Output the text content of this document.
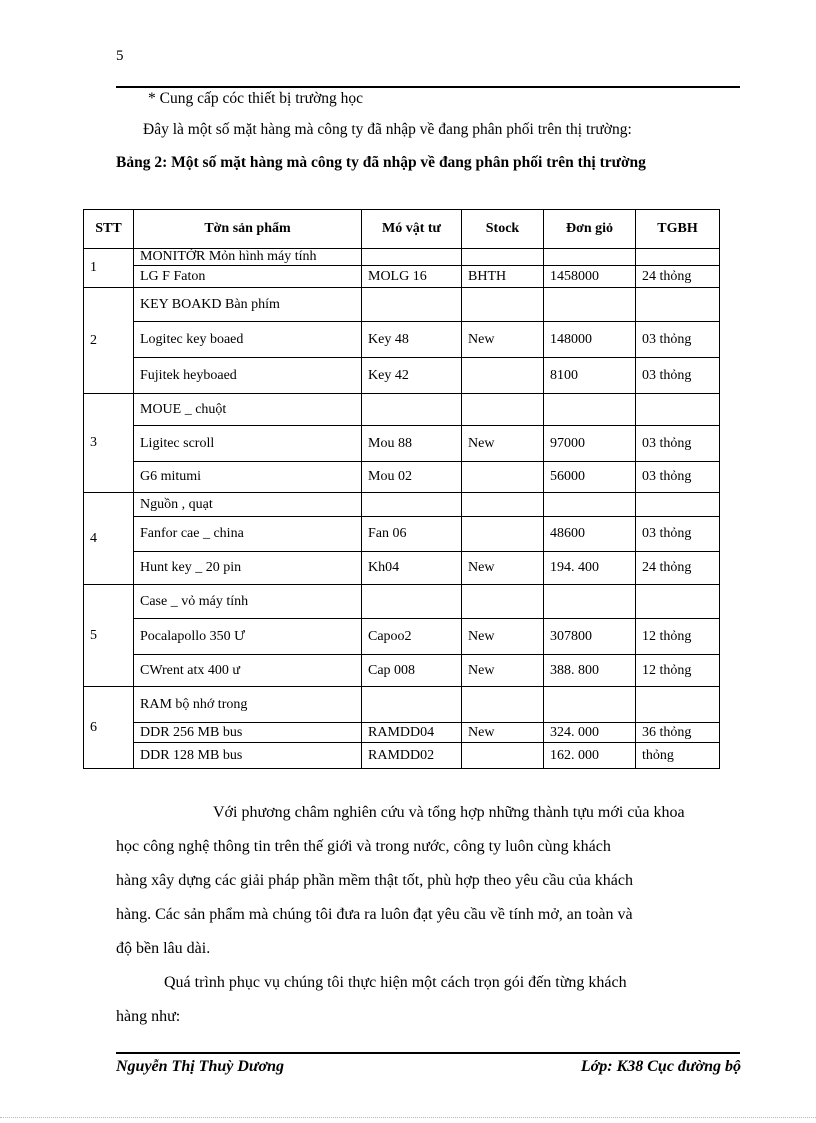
5
* Cung cấp cóc thiết bị trường học
Đây là một số mặt hàng mà công ty đã nhập về đang phân phối trên thị trường:
Bảng 2: Một số mặt hàng mà công ty đã nhập về đang phân phối trên thị trường
STT	Tờn sản phẩm	Mó vật tư	Stock	Đơn giỏ	TGBH
1	MONITỞR Mỏn hình máy tính				
	LG F Faton	MOLG 16	BHTH	1458000	24 thỏng
2	KEY BOAKD Bàn phím				
	Logitec key boaed	Key 48	New	148000	03 thỏng
	Fujitek heyboaed	Key 42		8100	03 thỏng
3	MOUE _ chuột				
	Ligitec scroll	Mou 88	New	97000	03 thỏng
	G6 mitumi	Mou 02		56000	03 thỏng
4	Nguồn , quạt				
	Fanfor cae _ china	Fan 06		48600	03 thỏng
	Hunt key _ 20 pin	Kh04	New	194. 400	24 thỏng
5	Case _ vỏ máy tính				
	Pocalapollo 350 Ư	Capoo2	New	307800	12 thỏng
	CWrent atx 400 ư	Cap 008	New	388. 800	12 thỏng
6	RAM bộ nhớ trong				
	DDR 256 MB bus	RAMDD04	New	324. 000	36 thỏng
	DDR 128 MB bus	RAMDD02		162. 000	thỏng
Với phương châm nghiên cứu và tổng hợp những thành tựu mới của khoa
học công nghệ thông tin trên thế giới và trong nước, công ty luôn cùng khách
hàng xây dựng các giải pháp phần mềm thật tốt, phù hợp theo yêu cầu của khách
hàng. Các sản phẩm mà chúng tôi đưa ra luôn đạt yêu cầu về tính mở, an toàn và
độ bền lâu dài.
Quá trình phục vụ chúng tôi thực hiện một cách trọn gói đến từng khách
hàng như:
Nguyễn Thị Thuỳ Dương	Lớp: K38 Cục đường bộ
